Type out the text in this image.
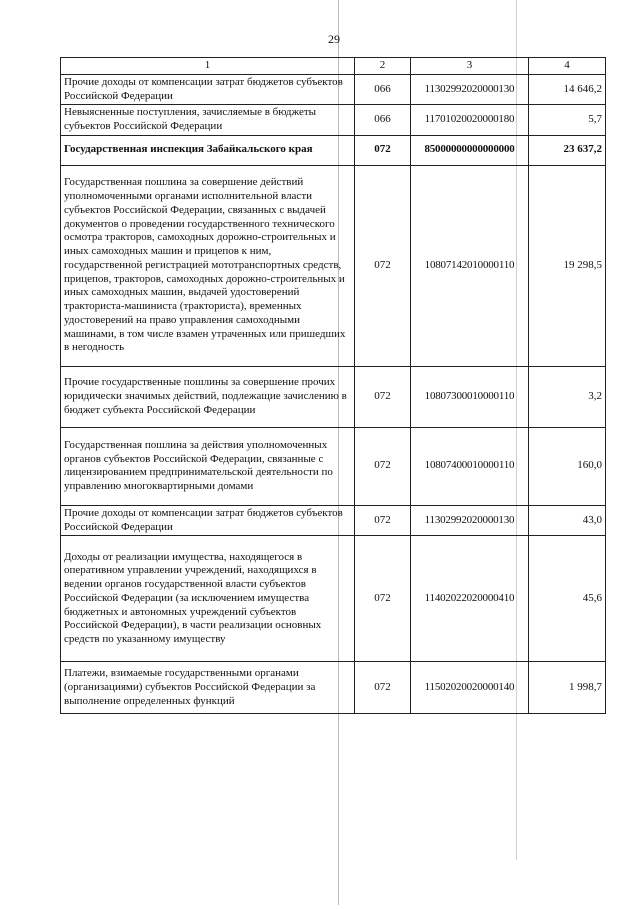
29
1	2	3	4
Прочие доходы от компенсации затрат бюджетов субъектов Российской Федерации	066	11302992020000130	14 646,2
Невыясненные поступления, зачисляемые в бюджеты субъектов Российской Федерации	066	11701020020000180	5,7
Государственная инспекция Забайкальского края	072	85000000000000000	23 637,2
Государственная пошлина за совершение действий уполномоченными органами исполнительной власти субъектов Российской Федерации, связанных с выдачей документов о проведении государственного технического осмотра тракторов, самоходных дорожно-строительных и иных самоходных машин и прицепов к ним, государственной регистрацией мототранспортных средств, прицепов, тракторов, самоходных дорожно-строительных и иных самоходных машин, выдачей удостоверений тракториста-машиниста (тракториста), временных удостоверений на право управления самоходными машинами, в том числе взамен утраченных или пришедших в негодность	072	10807142010000110	19 298,5
Прочие государственные пошлины за совершение прочих юридически значимых действий, подлежащие зачислению в бюджет субъекта Российской Федерации	072	10807300010000110	3,2
Государственная пошлина за действия уполномоченных органов субъектов Российской Федерации, связанные с лицензированием предпринимательской деятельности по управлению многоквартирными домами	072	10807400010000110	160,0
Прочие доходы от компенсации затрат бюджетов субъектов Российской Федерации	072	11302992020000130	43,0
Доходы от реализации имущества, находящегося в оперативном управлении учреждений, находящихся в ведении органов государственной власти субъектов Российской Федерации (за исключением имущества бюджетных и автономных учреждений субъектов Российской Федерации), в части реализации основных средств по указанному имуществу	072	11402022020000410	45,6
Платежи, взимаемые государственными органами (организациями) субъектов Российской Федерации за выполнение определенных функций	072	11502020020000140	1 998,7
